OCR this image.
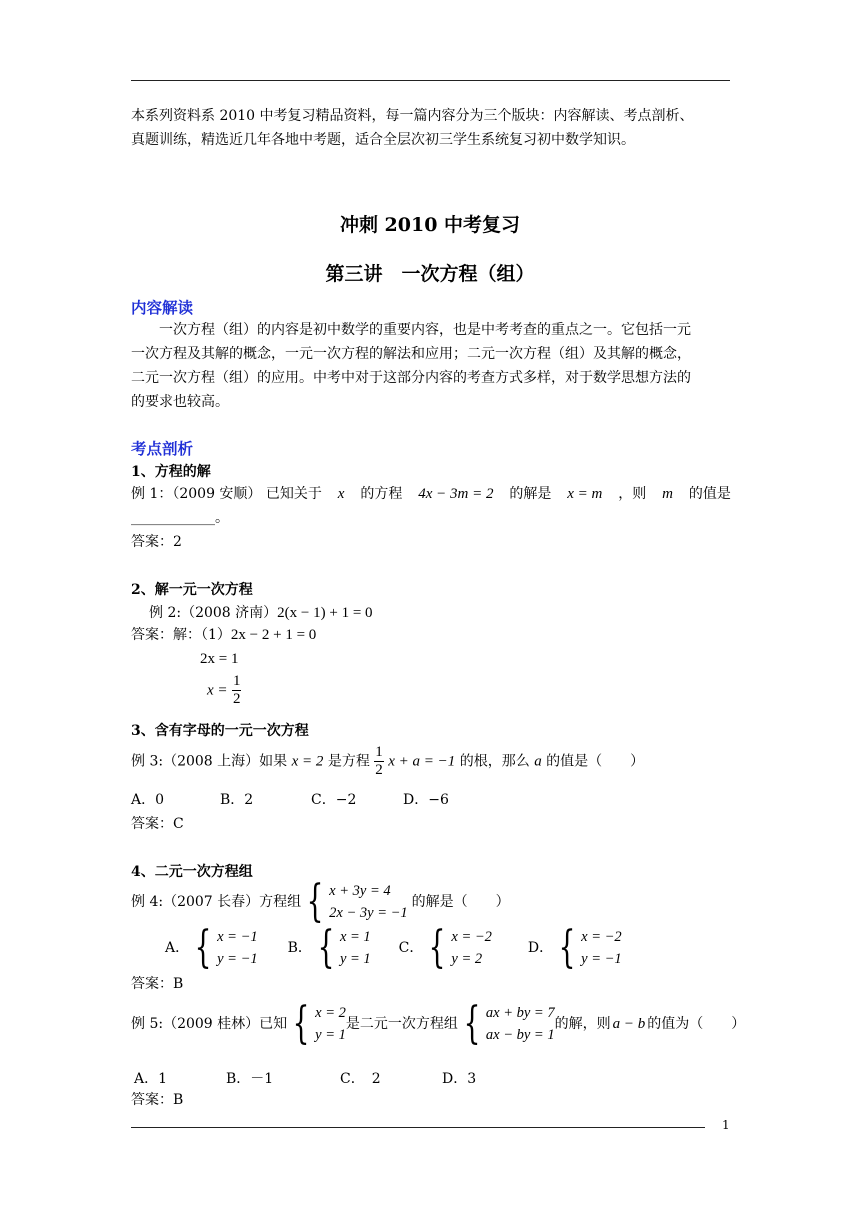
本系列资料系 2010 中考复习精品资料，每一篇内容分为三个版块：内容解读、考点剖析、
真题训练，精选近几年各地中考题，适合全层次初三学生系统复习初中数学知识。
冲刺 2010 中考复习
第三讲　一次方程（组）
内容解读
一次方程（组）的内容是初中数学的重要内容，也是中考考查的重点之一。它包括一元
一次方程及其解的概念，一元一次方程的解法和应用；二元一次方程（组）及其解的概念，
二元一次方程（组）的应用。中考中对于这部分内容的考查方式多样，对于数学思想方法的
的要求也较高。
考点剖析
1、方程的解
例 1：（2009 安顺） 已知关于 x 的方程 4x − 3m = 2 的解是 x = m ，则 m 的值是
____________。
答案：2
2、解一元一次方程
例 2:（2008 济南）2(x − 1) + 1 = 0
答案：解：（1）2x − 2 + 1 = 0
2x = 1
$x = \frac{1}{2}$
3、含有字母的一元一次方程
例 3:（2008 上海）如果 x = 2 是方程 $\frac{1}{2}$ x + a = −1 的根，那么 a 的值是（　　）
A．0	B．2	C．−2	D．−6
答案：C
4、二元一次方程组
例 4:（2007 长春）方程组 { x + 3y = 4
2x − 3y = −1
的解是（　　）
A． { x = −1
y = −1
B． { x = 1
y = 1
C． { x = −2
y = 2
D． { x = −2
y = −1
答案：B
例 5:（2009 桂林）已知 { x = 2
y = 1
是二元一次方程组 { ax + by = 7
ax − by = 1
的解，则 a − b 的值为（　　）
A．1	B．－1	C．　2	D．3
答案：B
1
